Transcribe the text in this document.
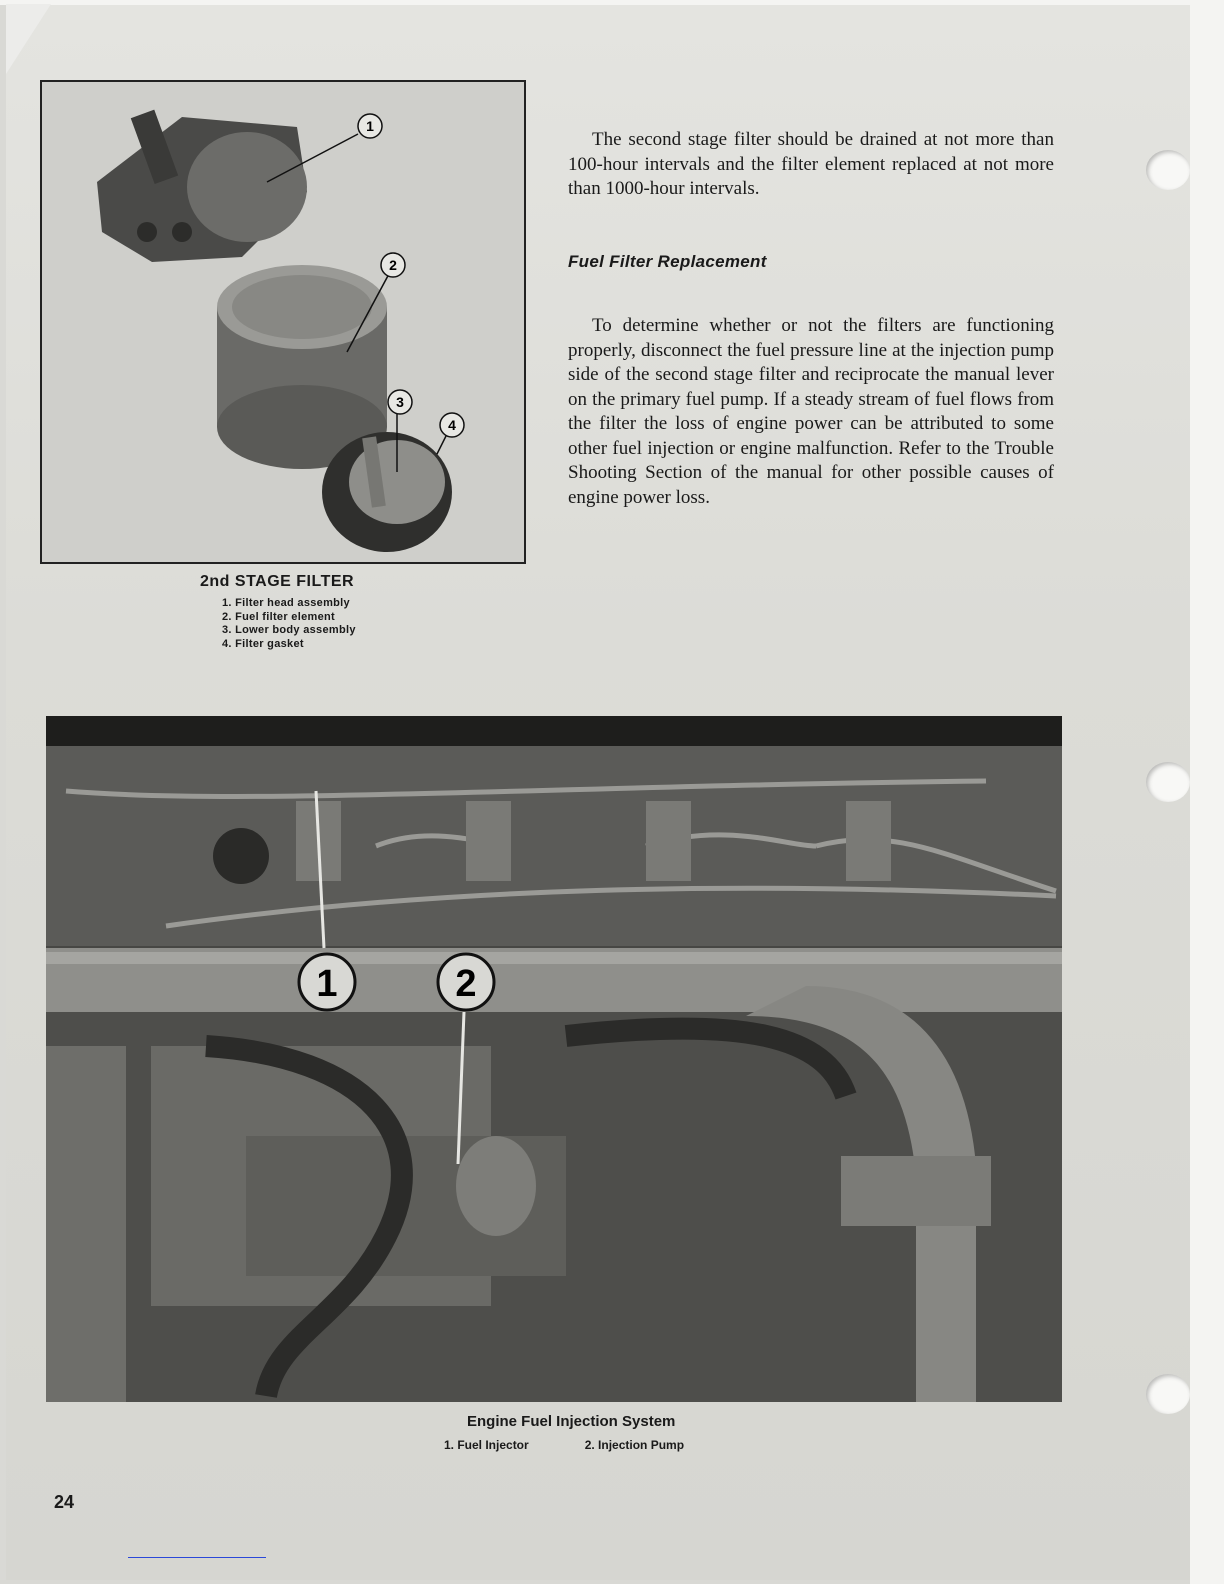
1
2
3
4
2nd STAGE FILTER
1. Filter head assembly
2. Fuel filter element
3. Lower body assembly
4. Filter gasket

The second stage filter should be drained at not more than 100-hour intervals and the filter element replaced at not more than 1000-hour intervals.

Fuel Filter Replacement

To determine whether or not the filters are functioning properly, disconnect the fuel pressure line at the injection pump side of the second stage filter and reciprocate the manual lever on the primary fuel pump. If a steady stream of fuel flows from the filter the loss of engine power can be attributed to some other fuel injection or engine malfunction. Refer to the Trouble Shooting Section of the manual for other possible causes of engine power loss.

1	2
Engine Fuel Injection System
1. Fuel Injector	2. Injection Pump
24
